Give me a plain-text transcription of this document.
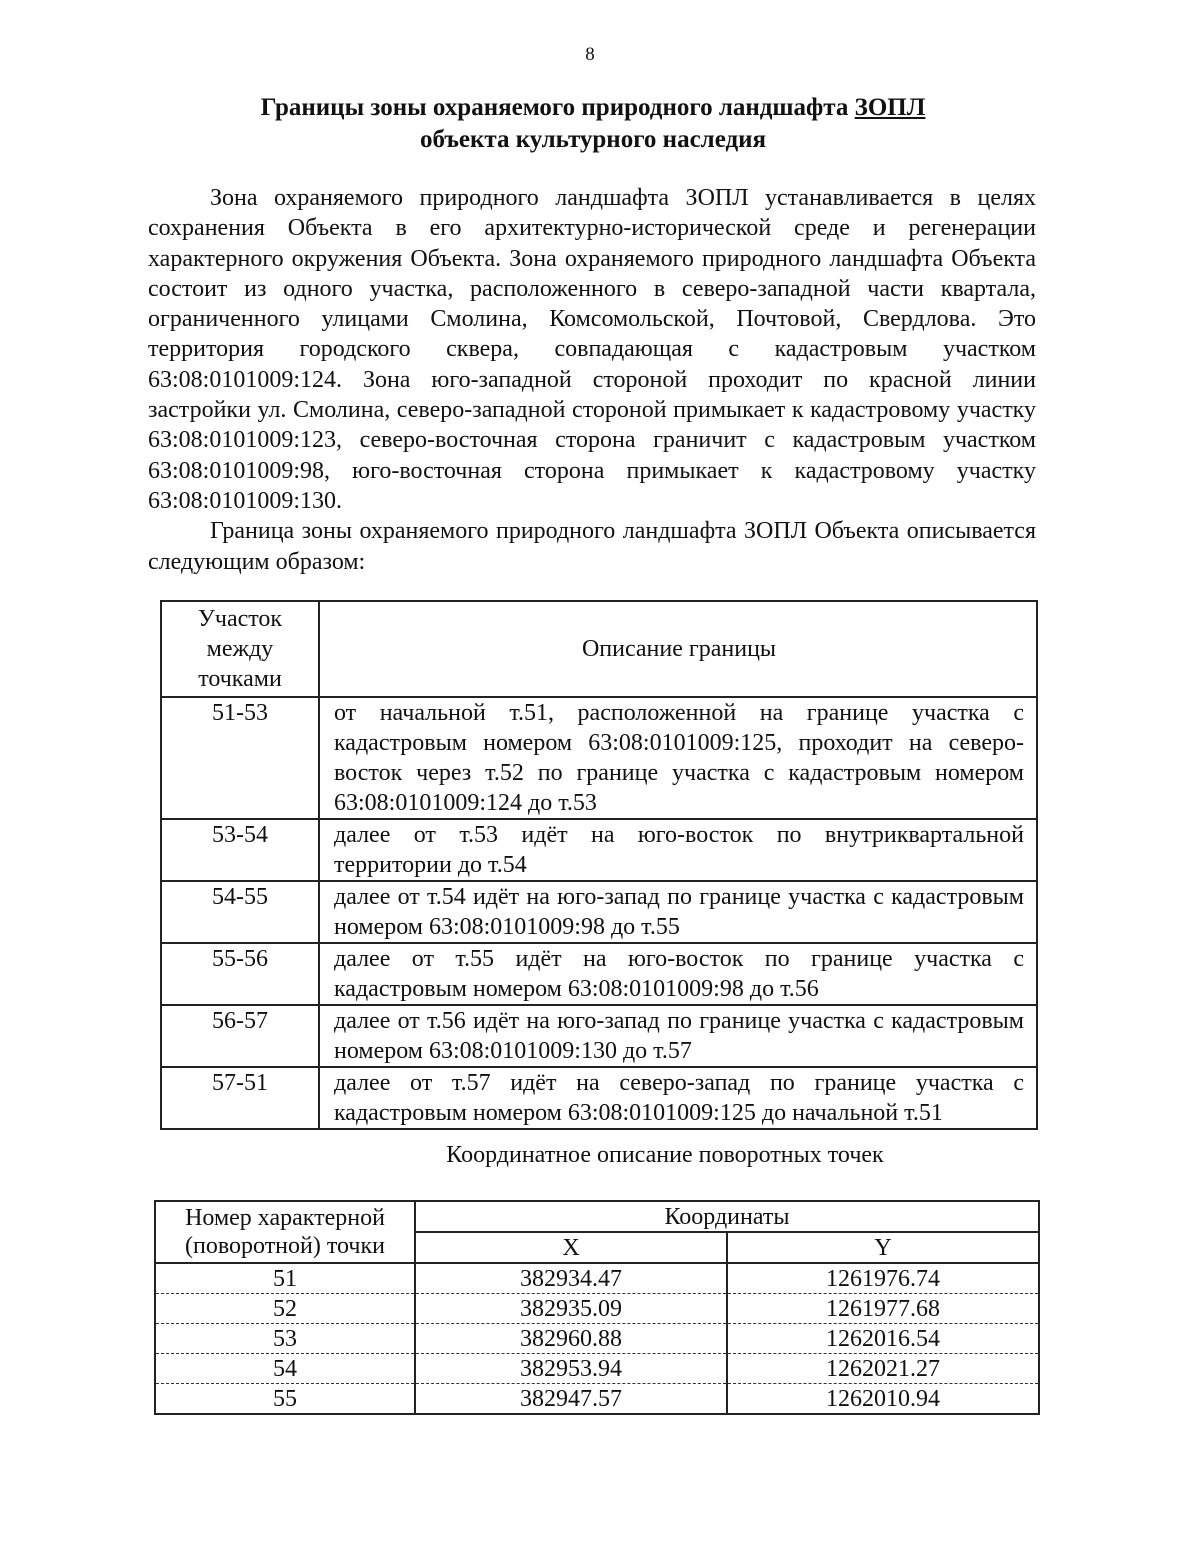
8
Границы зоны охраняемого природного ландшафта ЗОПЛ
объекта культурного наследия

Зона охраняемого природного ландшафта ЗОПЛ устанавливается в целях сохранения Объекта в его архитектурно-исторической среде и регенерации характерного окружения Объекта. Зона охраняемого природного ландшафта Объекта состоит из одного участка, расположенного в северо-западной части квартала, ограниченного улицами Смолина, Комсомольской, Почтовой, Свердлова. Это территория городского сквера, совпадающая с кадастровым участком 63:08:0101009:124. Зона юго-западной стороной проходит по красной линии застройки ул. Смолина, северо-западной стороной примыкает к кадастровому участку 63:08:0101009:123, северо-восточная сторона граничит с кадастровым участком 63:08:0101009:98, юго-восточная сторона примыкает к кадастровому участку 63:08:0101009:130.

Граница зоны охраняемого природного ландшафта ЗОПЛ Объекта описывается следующим образом:

Участок между точками	Описание границы
51-53	от начальной т.51, расположенной на границе участка с кадастровым номером 63:08:0101009:125, проходит на северо-восток через т.52 по границе участка с кадастровым номером 63:08:0101009:124 до т.53
53-54	далее от т.53 идёт на юго-восток по внутриквартальной территории до т.54
54-55	далее от т.54 идёт на юго-запад по границе участка с кадастровым номером 63:08:0101009:98 до т.55
55-56	далее от т.55 идёт на юго-восток по границе участка с кадастровым номером 63:08:0101009:98 до т.56
56-57	далее от т.56 идёт на юго-запад по границе участка с кадастровым номером 63:08:0101009:130 до т.57
57-51	далее от т.57 идёт на северо-запад по границе участка с кадастровым номером 63:08:0101009:125 до начальной т.51
Координатное описание поворотных точек
Номер характерной
(поворотной) точки	Координаты	
	X	Y
51	382934.47	1261976.74
52	382935.09	1261977.68
53	382960.88	1262016.54
54	382953.94	1262021.27
55	382947.57	1262010.94
